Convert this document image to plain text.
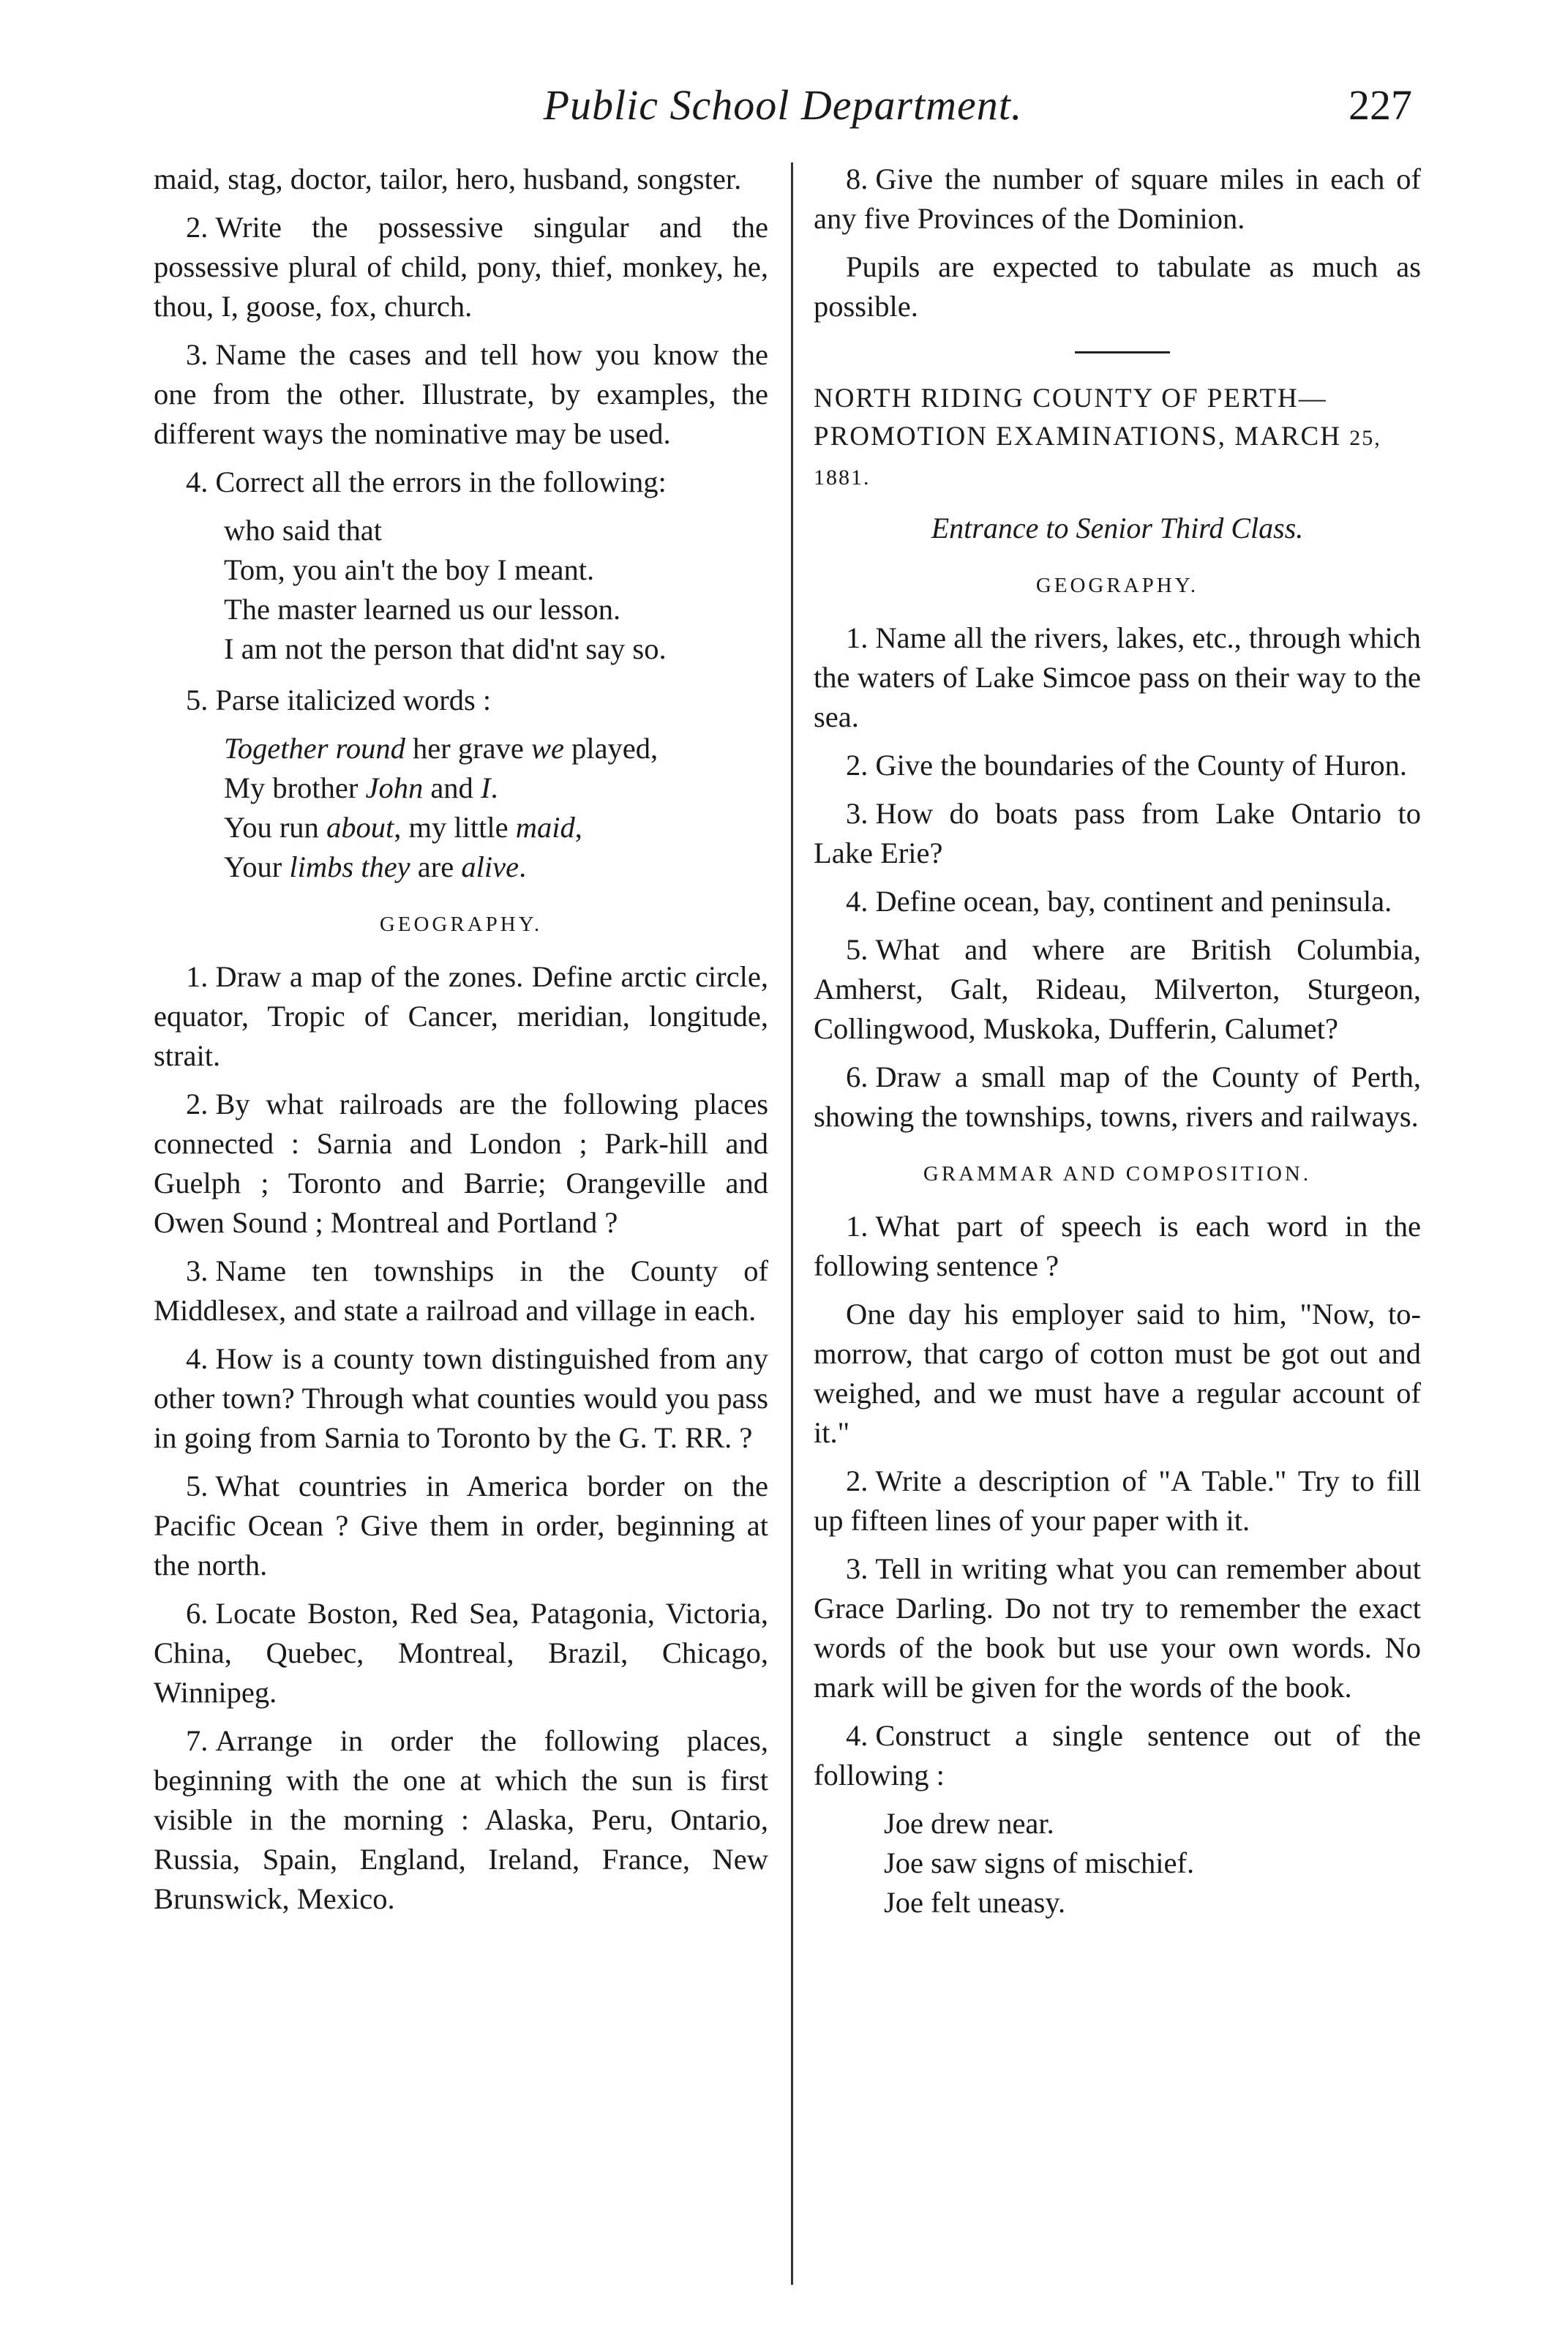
Public School Department.	227

maid, stag, doctor, tailor, hero, husband, songster.

2. Write the possessive singular and the possessive plural of child, pony, thief, monkey, he, thou, I, goose, fox, church.

3. Name the cases and tell how you know the one from the other. Illustrate, by examples, the different ways the nominative may be used.

4. Correct all the errors in the following:

who said that
Tom, you ain't the boy I meant.
The master learned us our lesson.
I am not the person that did'nt say so.

5. Parse italicized words :

Together round her grave we played,
My brother John and I.
You run about, my little maid,
Your limbs they are alive.
GEOGRAPHY.

1. Draw a map of the zones. Define arctic circle, equator, Tropic of Cancer, meridian, longitude, strait.

2. By what railroads are the following places connected : Sarnia and London ; Park-hill and Guelph ; Toronto and Barrie; Orangeville and Owen Sound ; Montreal and Portland ?

3. Name ten townships in the County of Middlesex, and state a railroad and village in each.

4. How is a county town distinguished from any other town? Through what counties would you pass in going from Sarnia to Toronto by the G. T. RR. ?

5. What countries in America border on the Pacific Ocean ? Give them in order, beginning at the north.

6. Locate Boston, Red Sea, Patagonia, Victoria, China, Quebec, Montreal, Brazil, Chicago, Winnipeg.

7. Arrange in order the following places, beginning with the one at which the sun is first visible in the morning : Alaska, Peru, Ontario, Russia, Spain, England, Ireland, France, New Brunswick, Mexico.

8. Give the number of square miles in each of any five Provinces of the Dominion.

Pupils are expected to tabulate as much as possible.

NORTH RIDING COUNTY OF PERTH—PROMOTION EXAMINATIONS, MARCH 25, 1881.

Entrance to Senior Third Class.
GEOGRAPHY.

1. Name all the rivers, lakes, etc., through which the waters of Lake Simcoe pass on their way to the sea.

2. Give the boundaries of the County of Huron.

3. How do boats pass from Lake Ontario to Lake Erie?

4. Define ocean, bay, continent and peninsula.

5. What and where are British Columbia, Amherst, Galt, Rideau, Milverton, Sturgeon, Collingwood, Muskoka, Dufferin, Calumet?

6. Draw a small map of the County of Perth, showing the townships, towns, rivers and railways.

GRAMMAR AND COMPOSITION.

1. What part of speech is each word in the following sentence ?

One day his employer said to him, "Now, to-morrow, that cargo of cotton must be got out and weighed, and we must have a regular account of it."

2. Write a description of "A Table." Try to fill up fifteen lines of your paper with it.

3. Tell in writing what you can remember about Grace Darling. Do not try to remember the exact words of the book but use your own words. No mark will be given for the words of the book.

4. Construct a single sentence out of the following :

Joe drew near.
Joe saw signs of mischief.
Joe felt uneasy.
